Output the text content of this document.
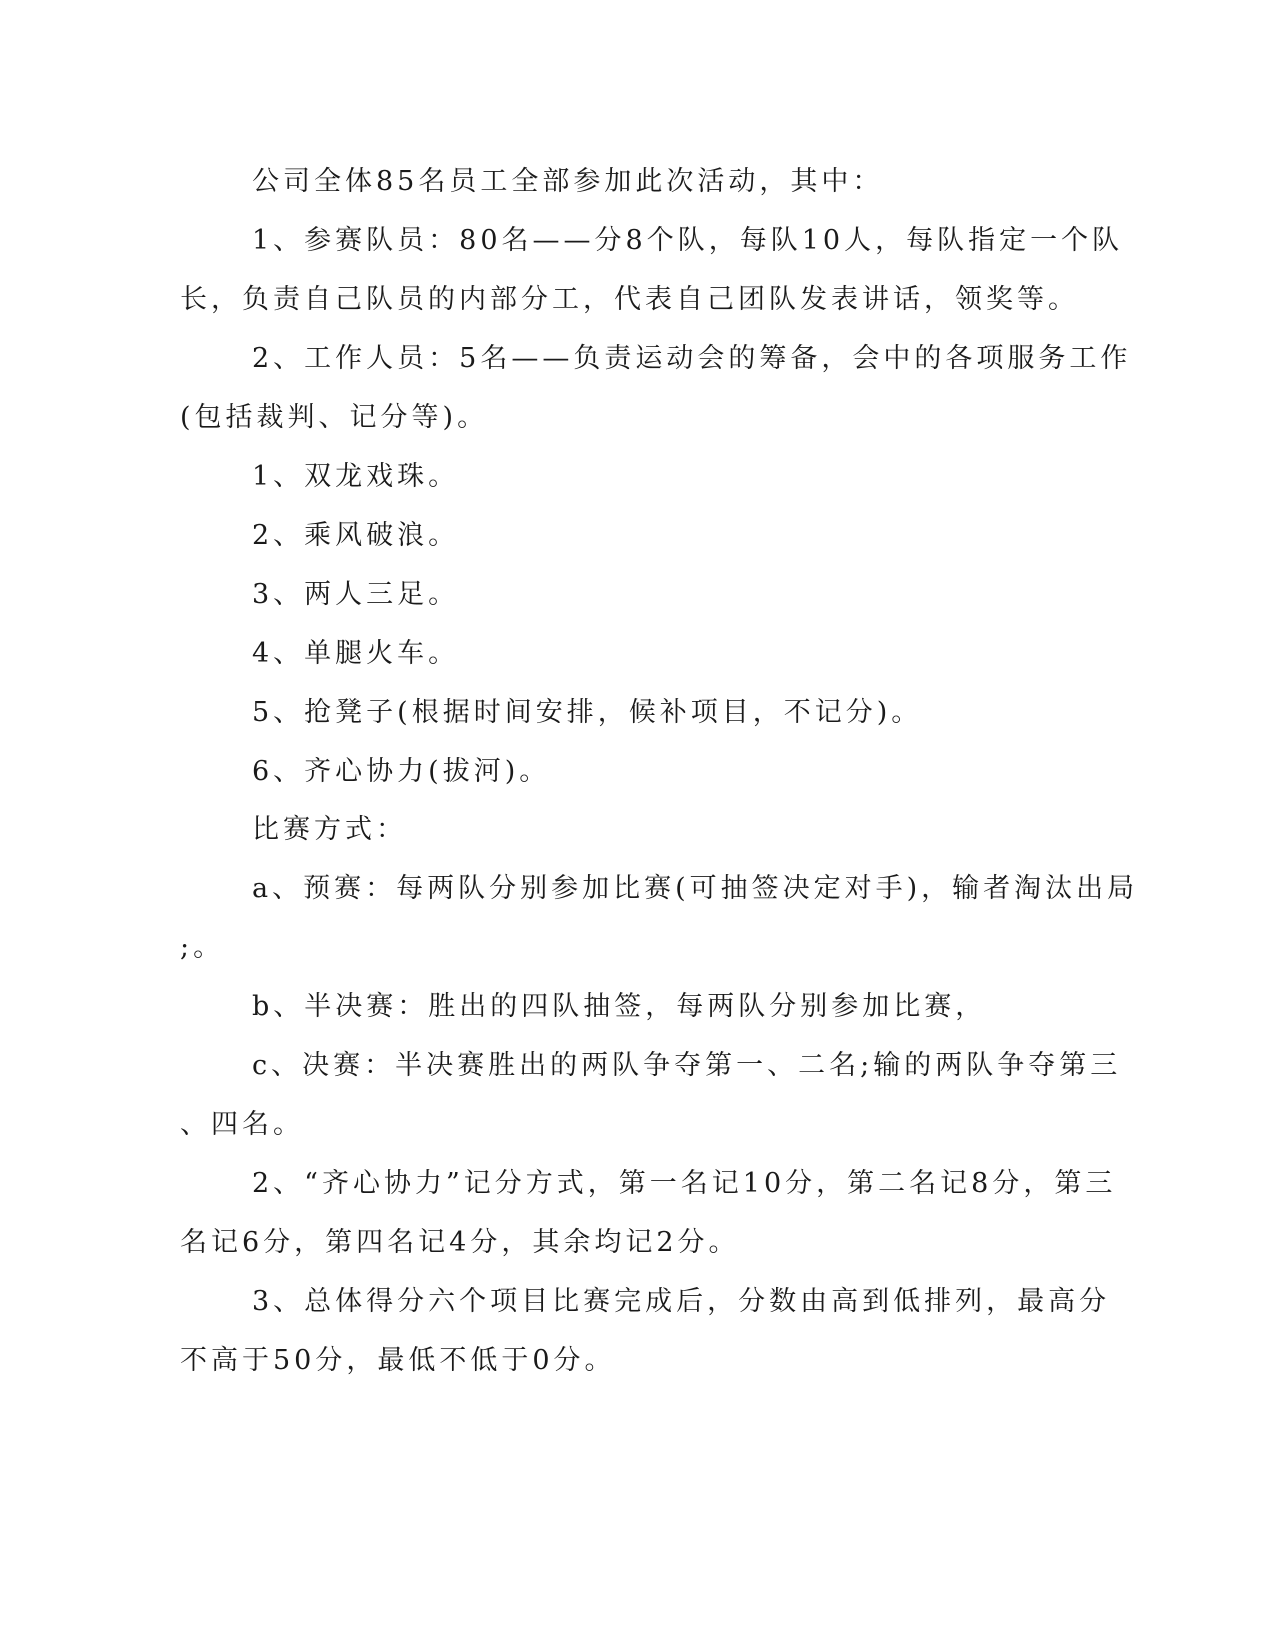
公司全体85名员工全部参加此次活动，其中：
1、参赛队员：80名——分8个队，每队10人，每队指定一个队
长，负责自己队员的内部分工，代表自己团队发表讲话，领奖等。
2、工作人员：5名——负责运动会的筹备，会中的各项服务工作
(包括裁判、记分等)。
1、双龙戏珠。
2、乘风破浪。
3、两人三足。
4、单腿火车。
5、抢凳子(根据时间安排，候补项目，不记分)。
6、齐心协力(拔河)。
比赛方式：
a、预赛：每两队分别参加比赛(可抽签决定对手)，输者淘汰出局
;。
b、半决赛：胜出的四队抽签，每两队分别参加比赛，
c、决赛：半决赛胜出的两队争夺第一、二名;输的两队争夺第三
、四名。
2、“齐心协力”记分方式，第一名记10分，第二名记8分，第三
名记6分，第四名记4分，其余均记2分。
3、总体得分六个项目比赛完成后，分数由高到低排列，最高分
不高于50分，最低不低于0分。
